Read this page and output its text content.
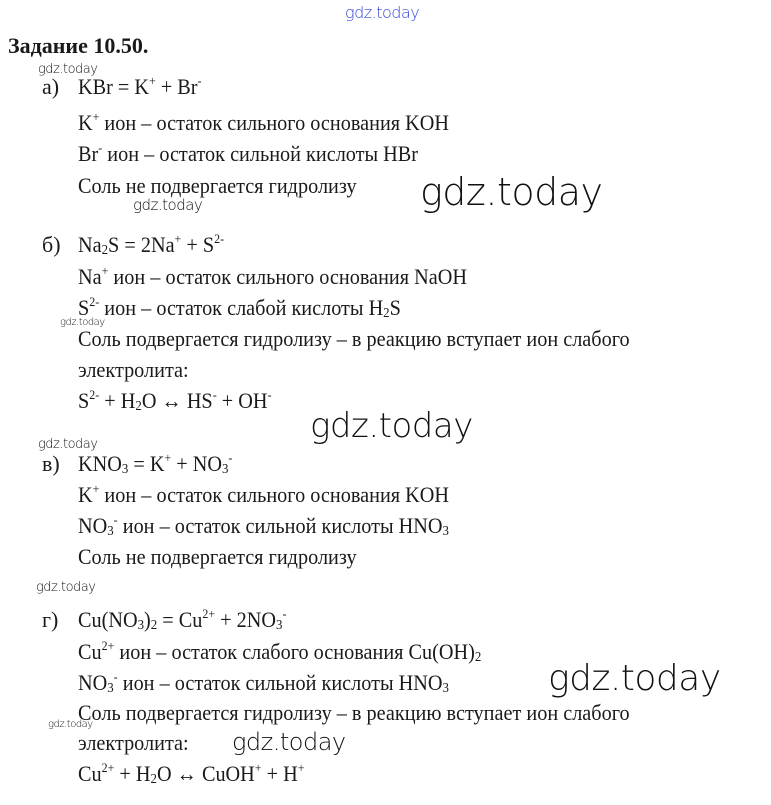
gdz.today
Задание 10.50.
а) KBr = K+ + Br-
K+ ион – остаток сильного основания KOH
Br- ион – остаток сильной кислоты HBr
Соль не подвергается гидролизу
б) $Na_2S = 2Na^+ + S^{2-}$
Na+ ион – остаток сильного основания NaOH
$S^{2-}$ ион – остаток слабой кислоты $H_2S$
Соль подвергается гидролизу – в реакцию вступает ион слабого
электролита:
$S^{2-} + H_2O$ ↔ HS- + OH-
в) $KNO_3 = K^+ + NO_3^-$
K+ ион – остаток сильного основания KOH
$NO_3^-$ ион – остаток сильной кислоты $HNO_3$
Соль не подвергается гидролизу
г) $Cu(NO_3)_2 = Cu^{2+} + 2NO_3^-$
$Cu^{2+}$ ион – остаток слабого основания $Cu(OH)_2$
$NO_3^-$ ион – остаток сильной кислоты $HNO_3$
Соль подвергается гидролизу – в реакцию вступает ион слабого
электролита:
$Cu^{2+} + H_2O$ ↔ CuOH+ + H+
gdz.today
gdz.today
gdz.today
gdz.today
gdz.today
gdz.today
gdz.today
gdz.today
gdz.today
gdz.today
